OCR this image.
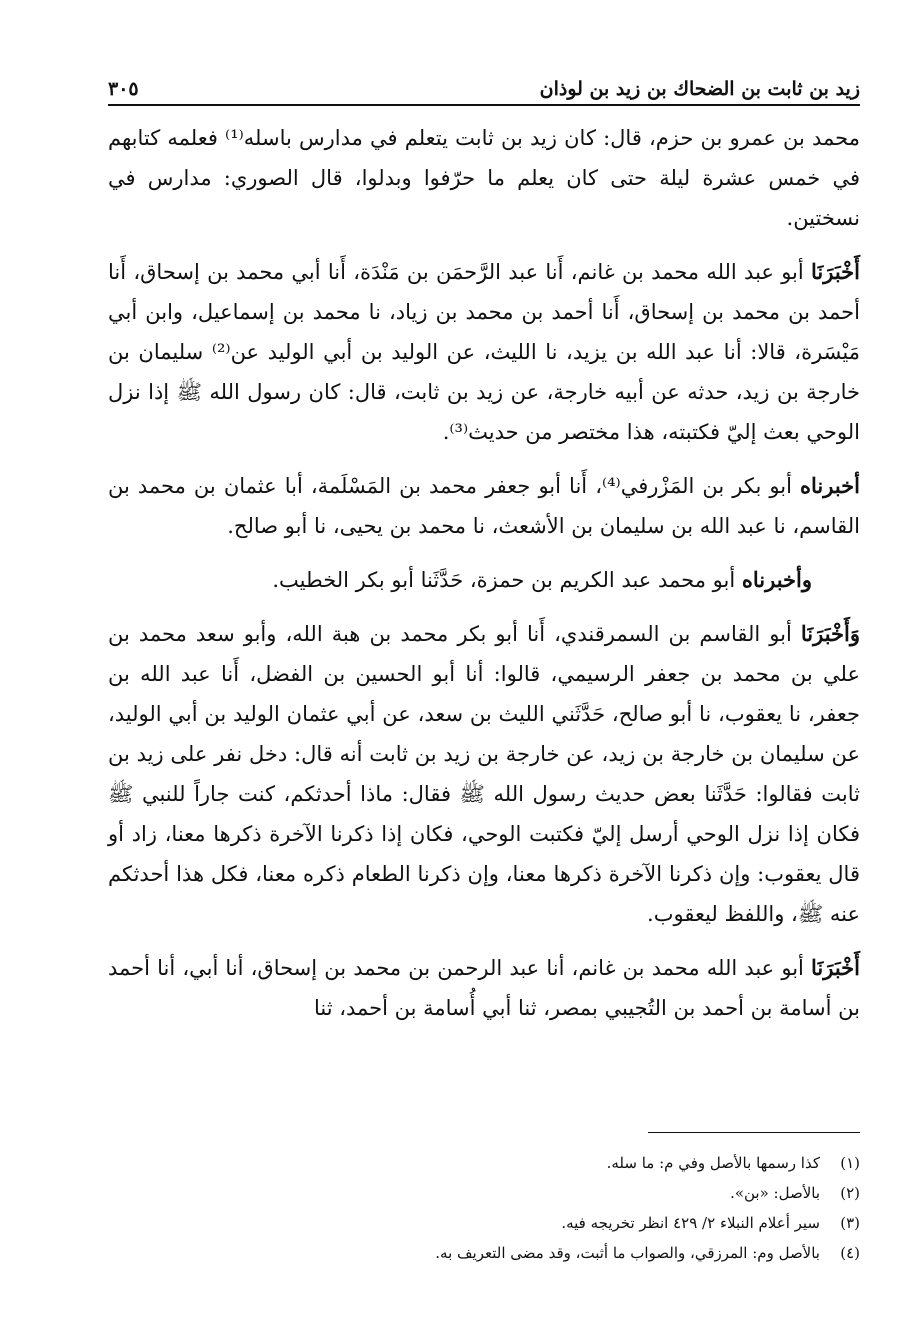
زيد بن ثابت بن الضحاك بن زيد بن لوذان
٣٠٥

محمد بن عمرو بن حزم، قال: كان زيد بن ثابت يتعلم في مدارس باسله⁽¹⁾ فعلمه كتابهم في خمس عشرة ليلة حتى كان يعلم ما حرّفوا وبدلوا، قال الصوري: مدارس في نسختين.

أَخْبَرَنَا أبو عبد الله محمد بن غانم، أَنا عبد الرَّحمَن بن مَنْدَة، أَنا أبي محمد بن إسحاق، أَنا أحمد بن محمد بن إسحاق، أَنا أحمد بن محمد بن زياد، نا محمد بن إسماعيل، وابن أبي مَيْسَرة، قالا: أنا عبد الله بن يزيد، نا الليث، عن الوليد بن أبي الوليد عن⁽²⁾ سليمان بن خارجة بن زيد، حدثه عن أبيه خارجة، عن زيد بن ثابت، قال: كان رسول الله ﷺ إذا نزل الوحي بعث إليّ فكتبته، هذا مختصر من حديث⁽³⁾.

أخبرناه أبو بكر بن المَزْرفي⁽⁴⁾، أَنا أبو جعفر محمد بن المَسْلَمة، أبا عثمان بن محمد بن القاسم، نا عبد الله بن سليمان بن الأشعث، نا محمد بن يحيى، نا أبو صالح.

وأخبرناه أبو محمد عبد الكريم بن حمزة، حَدَّثَنا أبو بكر الخطيب.

وَأَخْبَرَنَا أبو القاسم بن السمرقندي، أَنا أبو بكر محمد بن هبة الله، وأبو سعد محمد بن علي بن محمد بن جعفر الرسيمي، قالوا: أنا أبو الحسين بن الفضل، أَنا عبد الله بن جعفر، نا يعقوب، نا أبو صالح، حَدَّثَني الليث بن سعد، عن أبي عثمان الوليد بن أبي الوليد، عن سليمان بن خارجة بن زيد، عن خارجة بن زيد بن ثابت أنه قال: دخل نفر على زيد بن ثابت فقالوا: حَدَّثَنا بعض حديث رسول الله ﷺ فقال: ماذا أحدثكم، كنت جاراً للنبي ﷺ فكان إذا نزل الوحي أرسل إليّ فكتبت الوحي، فكان إذا ذكرنا الآخرة ذكرها معنا، زاد أو قال يعقوب: وإن ذكرنا الآخرة ذكرها معنا، وإن ذكرنا الطعام ذكره معنا، فكل هذا أحدثكم عنه ﷺ، واللفظ ليعقوب.

أَخْبَرَنَا أبو عبد الله محمد بن غانم، أنا عبد الرحمن بن محمد بن إسحاق، أنا أبي، أنا أحمد بن أسامة بن أحمد بن التُجيبي بمصر، ثنا أبي أُسامة بن أحمد، ثنا

(١)كذا رسمها بالأصل وفي م: ما سله.

(٢)بالأصل: «بن».

(٣)سير أعلام النبلاء ٢/ ٤٢٩ انظر تخريجه فيه.

(٤)بالأصل وم: المرزقي، والصواب ما أثبت، وقد مضى التعريف به.
